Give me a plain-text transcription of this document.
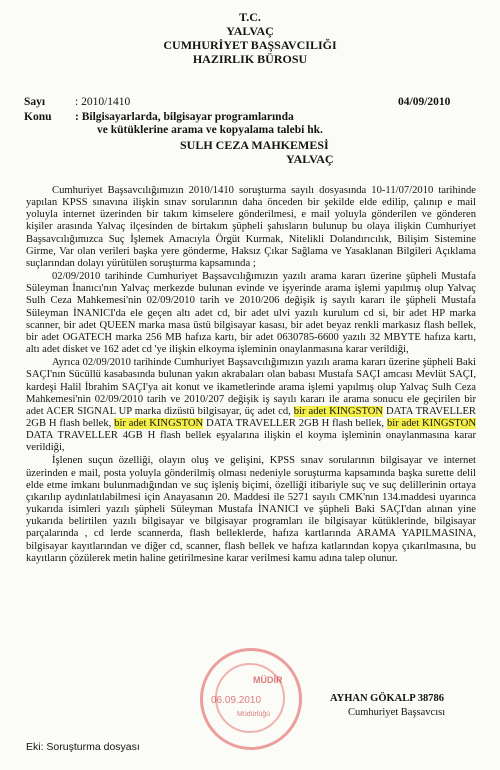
T.C.
YALVAÇ
CUMHURİYET BAŞSAVCILIĞI
HAZIRLIK BÜROSU
Sayı	: 2010/1410	04/09/2010
Konu : Bilgisayarlarda, bilgisayar programlarında
ve kütüklerine arama ve kopyalama talebi hk.
SULH CEZA MAHKEMESİ
YALVAÇ

Cumhuriyet Başsavcılığımızın 2010/1410 soruşturma sayılı dosyasında 10-11/07/2010 tarihinde yapılan KPSS sınavına ilişkin sınav sorularının daha önceden bir şekilde elde edilip, çalınıp e mail yoluyla internet üzerinden bir takım kimselere gönderilmesi, e mail yoluyla gönderilen ve gönderen kişiler arasında Yalvaç ilçesinden de birtakım şüpheli şahısların bulunup bu olaya ilişkin Cumhuriyet Başsavcılığımızca Suç İşlemek Amacıyla Örgüt Kurmak, Nitelikli Dolandırıcılık, Bilişim Sistemine Girme, Var olan verileri başka yere gönderme, Haksız Çıkar Sağlama ve Yasaklanan Bilgileri Açıklama suçlarından dolayı yürütülen soruşturma kapsamında ;

02/09/2010 tarihinde Cumhuriyet Başsavcılığımızın yazılı arama kararı üzerine şüpheli Mustafa Süleyman İnanıcı'nın Yalvaç merkezde bulunan evinde ve işyerinde arama işlemi yapılmış olup Yalvaç Sulh Ceza Mahkemesi'nin 02/09/2010 tarih ve 2010/206 değişik iş sayılı kararı ile şüpheli Mustafa Süleyman İNANICI'da ele geçen altı adet cd, bir adet ulvi yazılı kurulum cd si, bir adet HP marka scanner, bir adet QUEEN marka masa üstü bilgisayar kasası, bir adet beyaz renkli markasız flash bellek, bir adet OGATECH marka 256 MB hafıza kartı, bir adet 0630785-6600 yazılı 32 MBYTE hafıza kartı, altı adet disket ve 162 adet cd 'ye ilişkin elkoyma işleminin onaylanmasına karar verildiği,

Ayrıca 02/09/2010 tarihinde Cumhuriyet Başsavcılığımızın yazılı arama kararı üzerine şüpheli Baki SAÇI'nın Sücüllü kasabasında bulunan yakın akrabaları olan babası Mustafa SAÇI amcası Mevlüt SAÇI, kardeşi Halil İbrahim SAÇI'ya ait konut ve ikametlerinde arama işlemi yapılmış olup Yalvaç Sulh Ceza Mahkemesi'nin 02/09/2010 tarih ve 2010/207 değişik iş sayılı kararı ile arama sonucu ele geçirilen bir adet ACER SIGNAL UP marka dizüstü bilgisayar, üç adet cd, bir adet KINGSTON DATA TRAVELLER 2GB H flash bellek, bir adet KINGSTON DATA TRAVELLER 2GB H flash bellek, bir adet KINGSTON DATA TRAVELLER 4GB H flash bellek eşyalarına ilişkin el koyma işleminin onaylanmasına karar verildiği,

İşlenen suçun özelliği, olayın oluş ve gelişini, KPSS sınav sorularının bilgisayar ve internet üzerinden e mail, posta yoluyla gönderilmiş olması nedeniyle soruşturma kapsamında başka surette delil elde etme imkanı bulunmadığından ve suç işleniş biçimi, özelliği itibariyle suç ve suç delillerinin ortaya çıkarılıp aydınlatılabilmesi için Anayasanın 20. Maddesi ile 5271 sayılı CMK'nın 134.maddesi uyarınca yukarıda isimleri yazılı şüpheli Süleyman Mustafa İNANICI ve şüpheli Baki SAÇI'dan alınan yine yukarıda belirtilen yazılı bilgisayar ve bilgisayar programları ile bilgisayar kütüklerinde, bilgisayar parçalarında , cd lerde scannerda, flash belleklerde, hafıza kartlarında ARAMA YAPILMASINA, bilgisayar kayıtlarından ve diğer cd, scanner, flash bellek ve hafıza katlarından kopya çıkarılmasına, bu kayıtların çözülerek metin haline getirilmesine karar verilmesi kamu adına talep olunur.

AYHAN GÖKALP 38786
Cumhuriyet Başsavcısı
MÜDİR
06.09.2010
Müdürlüğü
Eki: Soruşturma dosyası
